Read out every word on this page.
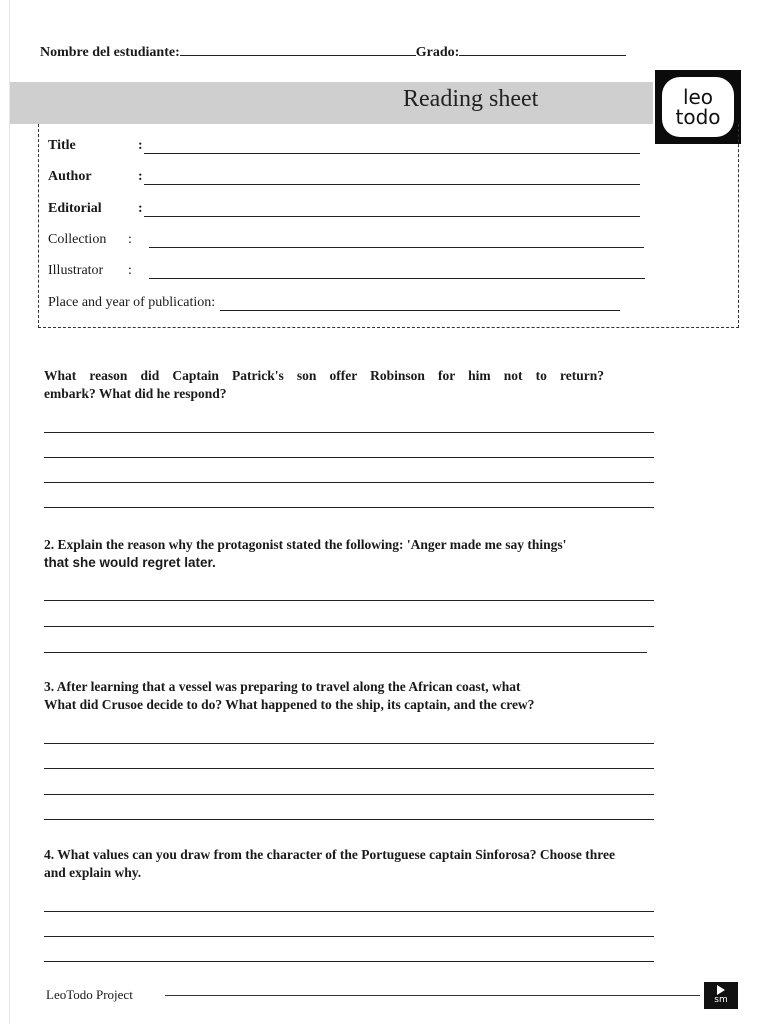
Nombre del estudiante:	Grado:
Reading sheet	leo
todo
Title	:
Author	:
Editorial	:
Collection :
Illustrator :
Place and year of publication:
What reason did Captain Patrick's son offer Robinson for him not to return?
embark? What did he respond?
2. Explain the reason why the protagonist stated the following: 'Anger made me say things'
that she would regret later.
3. After learning that a vessel was preparing to travel along the African coast, what
What did Crusoe decide to do? What happened to the ship, its captain, and the crew?
4. What values can you draw from the character of the Portuguese captain Sinforosa? Choose three
and explain why.
LeoTodo Project	sm
